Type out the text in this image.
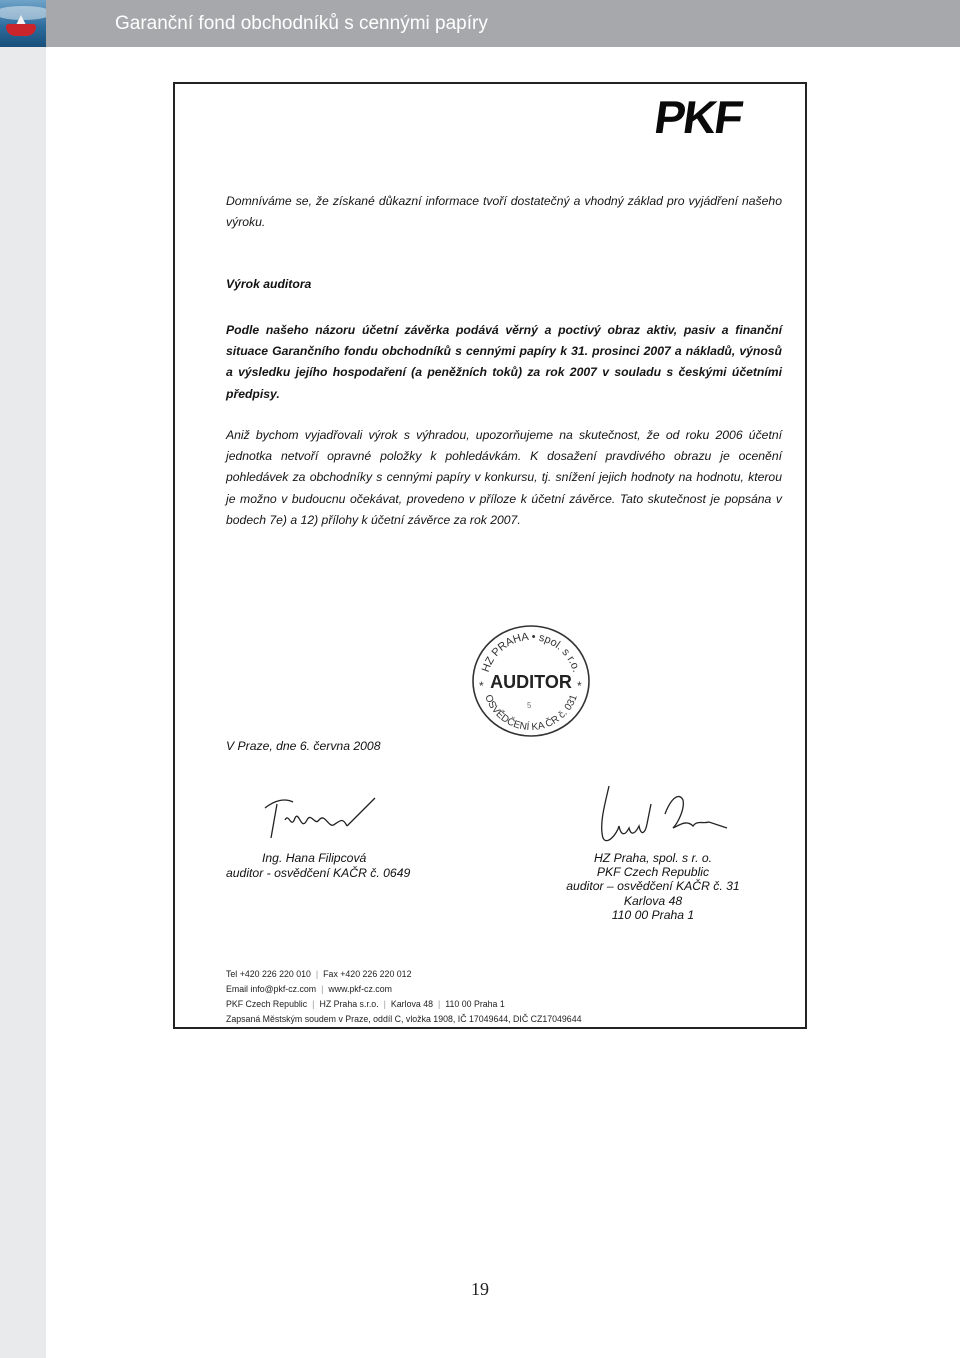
Garanční fond obchodníků s cennými papíry
PKF
Domníváme se, že získané důkazní informace tvoří dostatečný a vhodný základ pro vyjádření našeho výroku.
Výrok auditora
Podle našeho názoru účetní závěrka podává věrný a poctivý obraz aktiv, pasiv a finanční situace Garančního fondu obchodníků s cennými papíry k 31. prosinci 2007 a nákladů, výnosů a výsledku jejího hospodaření (a peněžních toků) za rok 2007 v souladu s českými účetními předpisy.
Aniž bychom vyjadřovali výrok s výhradou, upozorňujeme na skutečnost, že od roku 2006 účetní jednotka netvoří opravné položky k pohledávkám. K dosažení pravdivého obrazu je ocenění pohledávek za obchodníky s cennými papíry v konkursu, tj. snížení jejich hodnoty na hodnotu, kterou je možno v budoucnu očekávat, provedeno v příloze k účetní závěrce. Tato skutečnost je popsána v bodech 7e) a 12) přílohy k účetní závěrce za rok 2007.
HZ PRAHA • spol. s r.o.
OSVĚDČENÍ KA ČR č. 031
AUDITOR
*	*
5
V Praze, dne 6. června 2008
Ing. Hana Filipcová
auditor - osvědčení KAČR č. 0649
HZ Praha, spol. s r. o.
PKF Czech Republic
auditor – osvědčení KAČR č. 31
Karlova 48
110 00 Praha 1
Tel +420 226 220 010 | Fax +420 226 220 012
Email info@pkf-cz.com | www.pkf-cz.com
PKF Czech Republic | HZ Praha s.r.o. | Karlova 48 | 110 00 Praha 1
Zapsaná Městským soudem v Praze, oddíl C, vložka 1908, IČ 17049644, DIČ CZ17049644
19
